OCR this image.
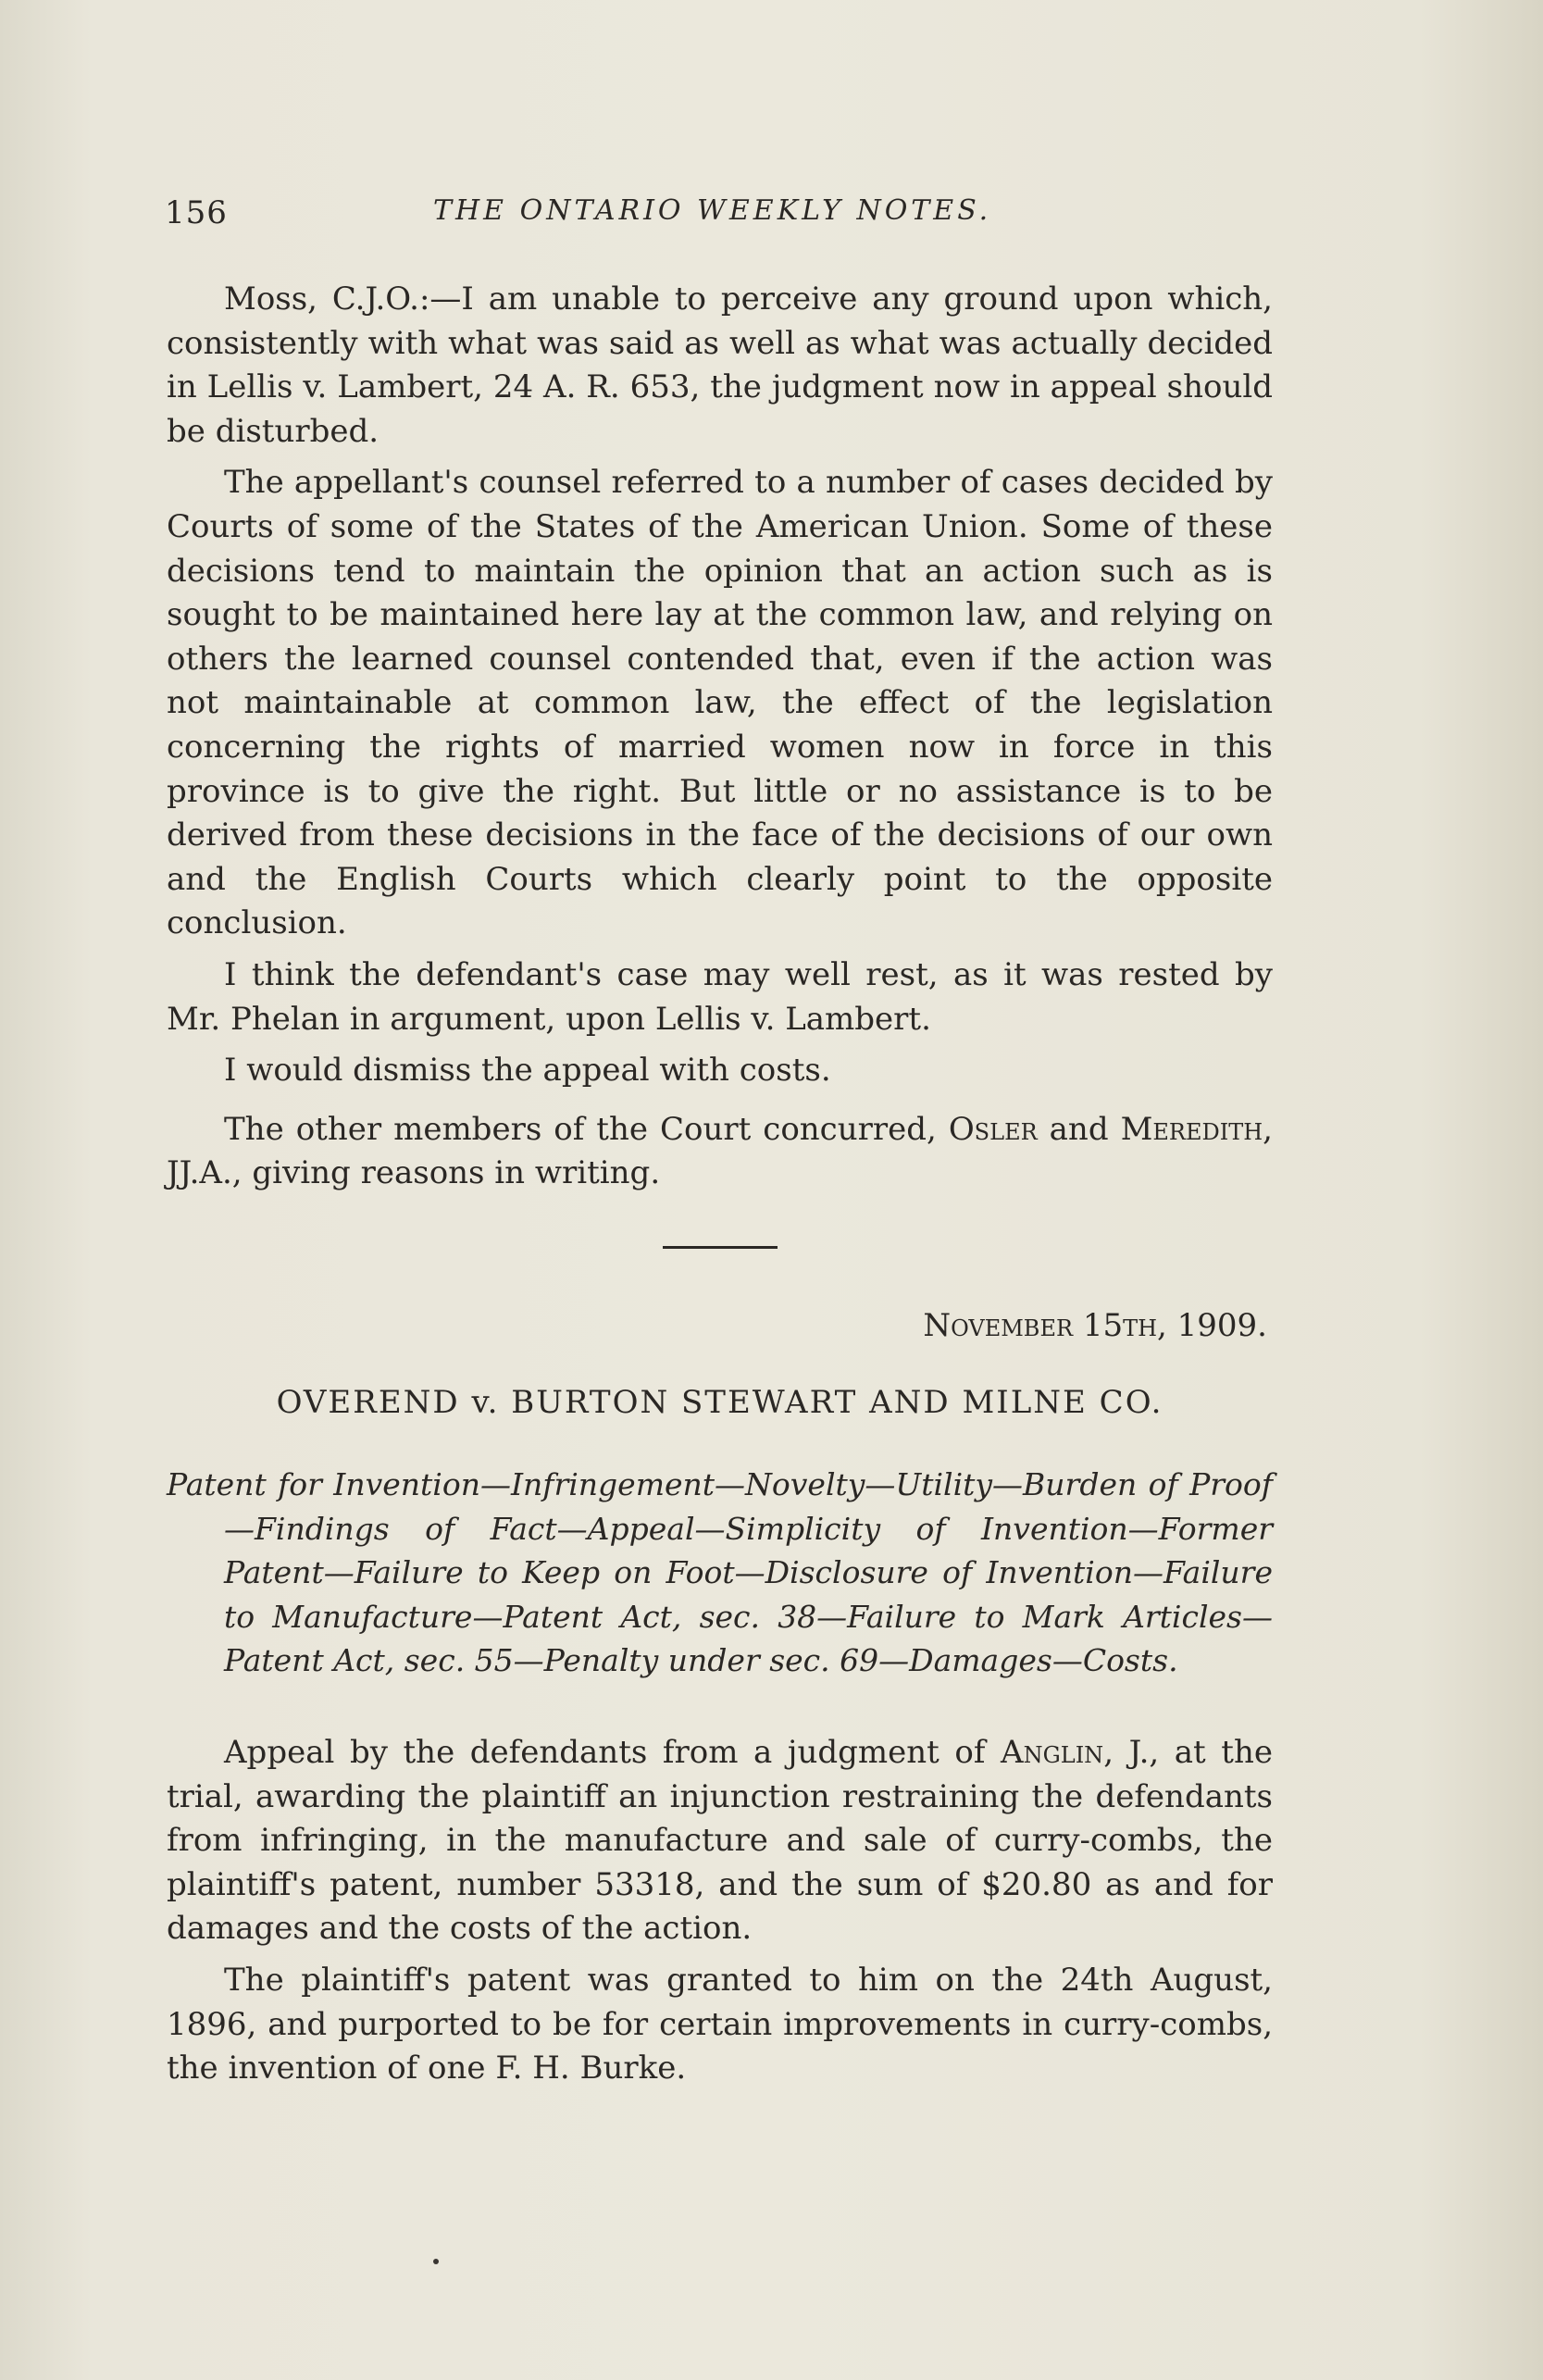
156	THE ONTARIO WEEKLY NOTES.

Moss, C.J.O.:—I am unable to perceive any ground upon which, consistently with what was said as well as what was actually decided in Lellis v. Lambert, 24 A. R. 653, the judgment now in appeal should be disturbed.

The appellant's counsel referred to a number of cases decided by Courts of some of the States of the American Union. Some of these decisions tend to maintain the opinion that an action such as is sought to be maintained here lay at the common law, and relying on others the learned counsel contended that, even if the action was not maintainable at common law, the effect of the legislation concerning the rights of married women now in force in this province is to give the right. But little or no assistance is to be derived from these decisions in the face of the decisions of our own and the English Courts which clearly point to the opposite conclusion.

I think the defendant's case may well rest, as it was rested by Mr. Phelan in argument, upon Lellis v. Lambert.

I would dismiss the appeal with costs.

The other members of the Court concurred, Osler and Meredith, JJ.A., giving reasons in writing.

November 15th, 1909.
OVEREND v. BURTON STEWART AND MILNE CO.
Patent for Invention—Infringement—Novelty—Utility—Burden of Proof—Findings of Fact—Appeal—Simplicity of Invention—Former Patent—Failure to Keep on Foot—Disclosure of Invention—Failure to Manufacture—Patent Act, sec. 38—Failure to Mark Articles—Patent Act, sec. 55—Penalty under sec. 69—Damages—Costs.

Appeal by the defendants from a judgment of Anglin, J., at the trial, awarding the plaintiff an injunction restraining the defendants from infringing, in the manufacture and sale of curry-combs, the plaintiff's patent, number 53318, and the sum of $20.80 as and for damages and the costs of the action.

The plaintiff's patent was granted to him on the 24th August, 1896, and purported to be for certain improvements in curry-combs, the invention of one F. H. Burke.
